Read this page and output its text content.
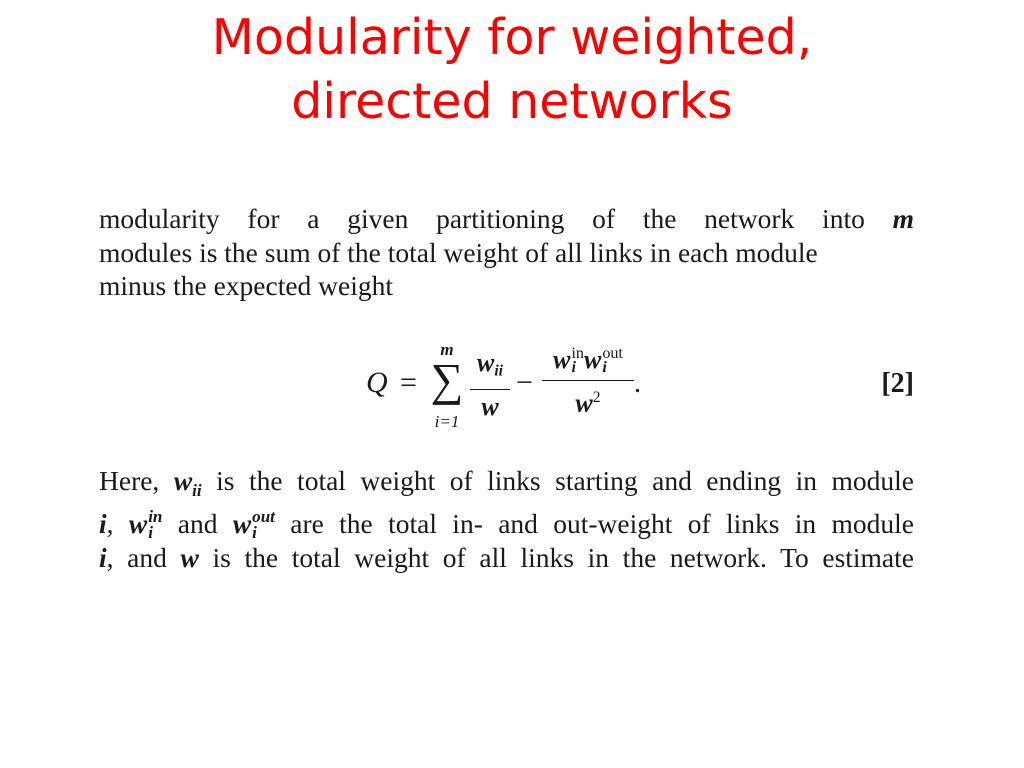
Modularity for weighted,
directed networks
modularity for a given partitioning of the network into m
modules is the sum of the total weight of all links in each module
minus the expected weight
Q =
m
∑
i=1
wii
w
−
w in
i w out
i
$w^2$	.	[2]
Here, $w_{ii}$ is the total weight of links starting and ending in module
i, w in
i and w out
i	are the total in- and out-weight of links in module
i, and w is the total weight of all links in the network. To estimate
